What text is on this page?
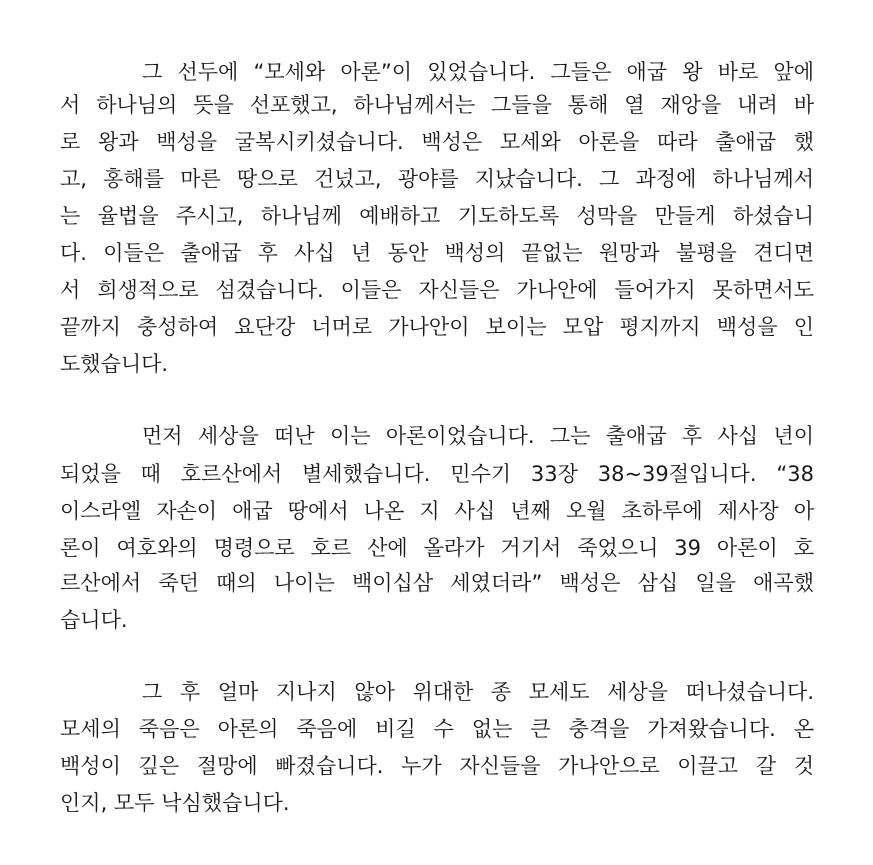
그 선두에 “모세와 아론”이 있었습니다. 그들은 애굽 왕 바로 앞에
서 하나님의 뜻을 선포했고, 하나님께서는 그들을 통해 열 재앙을 내려 바
로 왕과 백성을 굴복시키셨습니다. 백성은 모세와 아론을 따라 출애굽 했
고, 홍해를 마른 땅으로 건넜고, 광야를 지났습니다. 그 과정에 하나님께서
는 율법을 주시고, 하나님께 예배하고 기도하도록 성막을 만들게 하셨습니
다. 이들은 출애굽 후 사십 년 동안 백성의 끝없는 원망과 불평을 견디면
서 희생적으로 섬겼습니다. 이들은 자신들은 가나안에 들어가지 못하면서도
끝까지 충성하여 요단강 너머로 가나안이 보이는 모압 평지까지 백성을 인
도했습니다.
먼저 세상을 떠난 이는 아론이었습니다. 그는 출애굽 후 사십 년이
되었을 때 호르산에서 별세했습니다. 민수기 33장 38~39절입니다. “38
이스라엘 자손이 애굽 땅에서 나온 지 사십 년째 오월 초하루에 제사장 아
론이 여호와의 명령으로 호르 산에 올라가 거기서 죽었으니 39 아론이 호
르산에서 죽던 때의 나이는 백이십삼 세였더라” 백성은 삼십 일을 애곡했
습니다.
그 후 얼마 지나지 않아 위대한 종 모세도 세상을 떠나셨습니다.
모세의 죽음은 아론의 죽음에 비길 수 없는 큰 충격을 가져왔습니다. 온
백성이 깊은 절망에 빠졌습니다. 누가 자신들을 가나안으로 이끌고 갈 것
인지, 모두 낙심했습니다.
